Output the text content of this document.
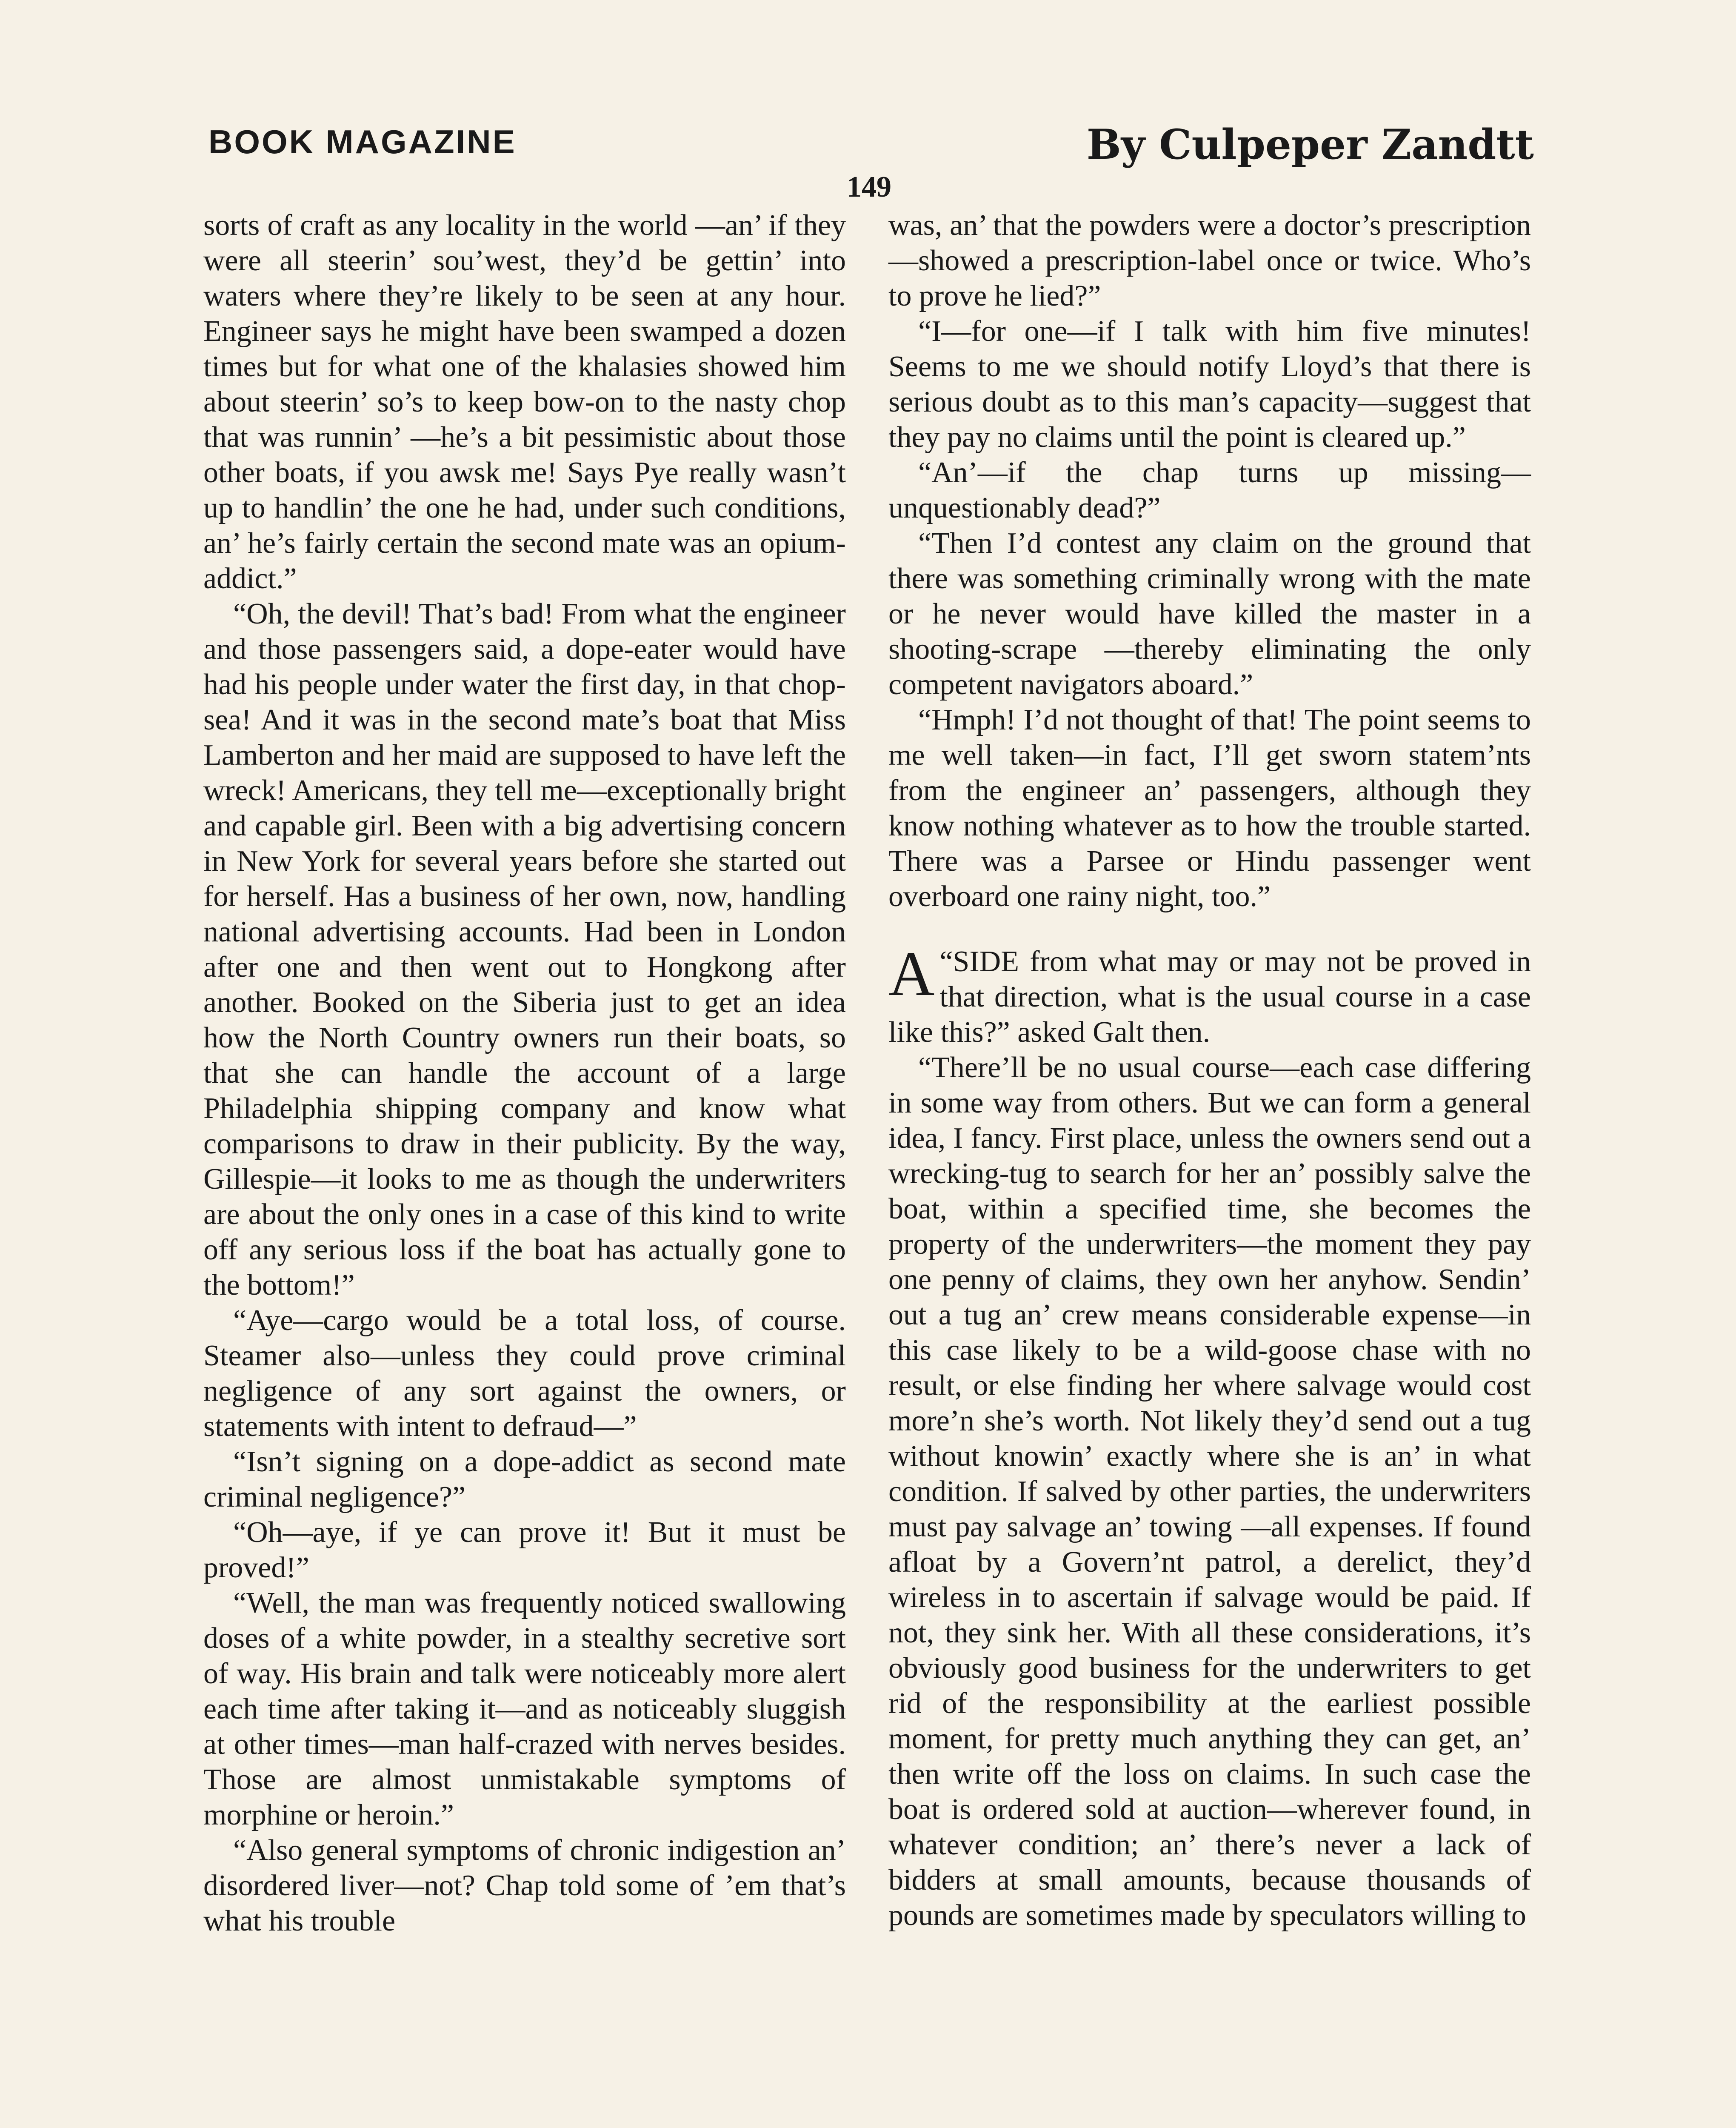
BOOK MAGAZINE	By Culpeper Zandtt
149

sorts of craft as any locality in the world —an’ if they were all steerin’ sou’west, they’d be gettin’ into waters where they’re likely to be seen at any hour. Engineer says he might have been swamped a dozen times but for what one of the khalasies showed him about steerin’ so’s to keep bow-on to the nasty chop that was runnin’ —he’s a bit pessimistic about those other boats, if you awsk me! Says Pye really wasn’t up to handlin’ the one he had, under such conditions, an’ he’s fairly certain the second mate was an opium-addict.”

“Oh, the devil! That’s bad! From what the engineer and those passengers said, a dope-eater would have had his people under water the first day, in that chop-sea! And it was in the second mate’s boat that Miss Lamberton and her maid are supposed to have left the wreck! Americans, they tell me—exceptionally bright and capable girl. Been with a big advertising concern in New York for several years before she started out for herself. Has a business of her own, now, handling national advertising accounts. Had been in London after one and then went out to Hongkong after another. Booked on the Siberia just to get an idea how the North Country owners run their boats, so that she can handle the account of a large Philadelphia shipping company and know what comparisons to draw in their publicity. By the way, Gillespie—it looks to me as though the underwriters are about the only ones in a case of this kind to write off any serious loss if the boat has actually gone to the bottom!”

“Aye—cargo would be a total loss, of course. Steamer also—unless they could prove criminal negligence of any sort against the owners, or statements with intent to defraud—”

“Isn’t signing on a dope-addict as second mate criminal negligence?”

“Oh—aye, if ye can prove it! But it must be proved!”

“Well, the man was frequently noticed swallowing doses of a white powder, in a stealthy secretive sort of way. His brain and talk were noticeably more alert each time after taking it—and as noticeably sluggish at other times—man half-crazed with nerves besides. Those are almost unmistakable symptoms of morphine or heroin.”

“Also general symptoms of chronic indigestion an’ disordered liver—not? Chap told some of ’em that’s what his trouble

was, an’ that the powders were a doctor’s prescription—showed a prescription-label once or twice. Who’s to prove he lied?”

“I—for one—if I talk with him five minutes! Seems to me we should notify Lloyd’s that there is serious doubt as to this man’s capacity—suggest that they pay no claims until the point is cleared up.”

“An’—if the chap turns up missing—unquestionably dead?”

“Then I’d contest any claim on the ground that there was something criminally wrong with the mate or he never would have killed the master in a shooting-scrape —thereby eliminating the only competent navigators aboard.”

“Hmph! I’d not thought of that! The point seems to me well taken—in fact, I’ll get sworn statem’nts from the engineer an’ passengers, although they know nothing whatever as to how the trouble started. There was a Parsee or Hindu passenger went overboard one rainy night, too.”

“
A SIDE from what may or may not be proved in that direction, what is the usual course in a case like this?” asked Galt then.

“There’ll be no usual course—each case differing in some way from others. But we can form a general idea, I fancy. First place, unless the owners send out a wrecking-tug to search for her an’ possibly salve the boat, within a specified time, she becomes the property of the underwriters—the moment they pay one penny of claims, they own her anyhow. Sendin’ out a tug an’ crew means considerable expense—in this case likely to be a wild-goose chase with no result, or else finding her where salvage would cost more’n she’s worth. Not likely they’d send out a tug without knowin’ exactly where she is an’ in what condition. If salved by other parties, the underwriters must pay salvage an’ towing —all expenses. If found afloat by a Govern’nt patrol, a derelict, they’d wireless in to ascertain if salvage would be paid. If not, they sink her. With all these considerations, it’s obviously good business for the underwriters to get rid of the responsibility at the earliest possible moment, for pretty much anything they can get, an’ then write off the loss on claims. In such case the boat is ordered sold at auction—wherever found, in whatever condition; an’ there’s never a lack of bidders at small amounts, because thousands of pounds are sometimes made by speculators willing to
